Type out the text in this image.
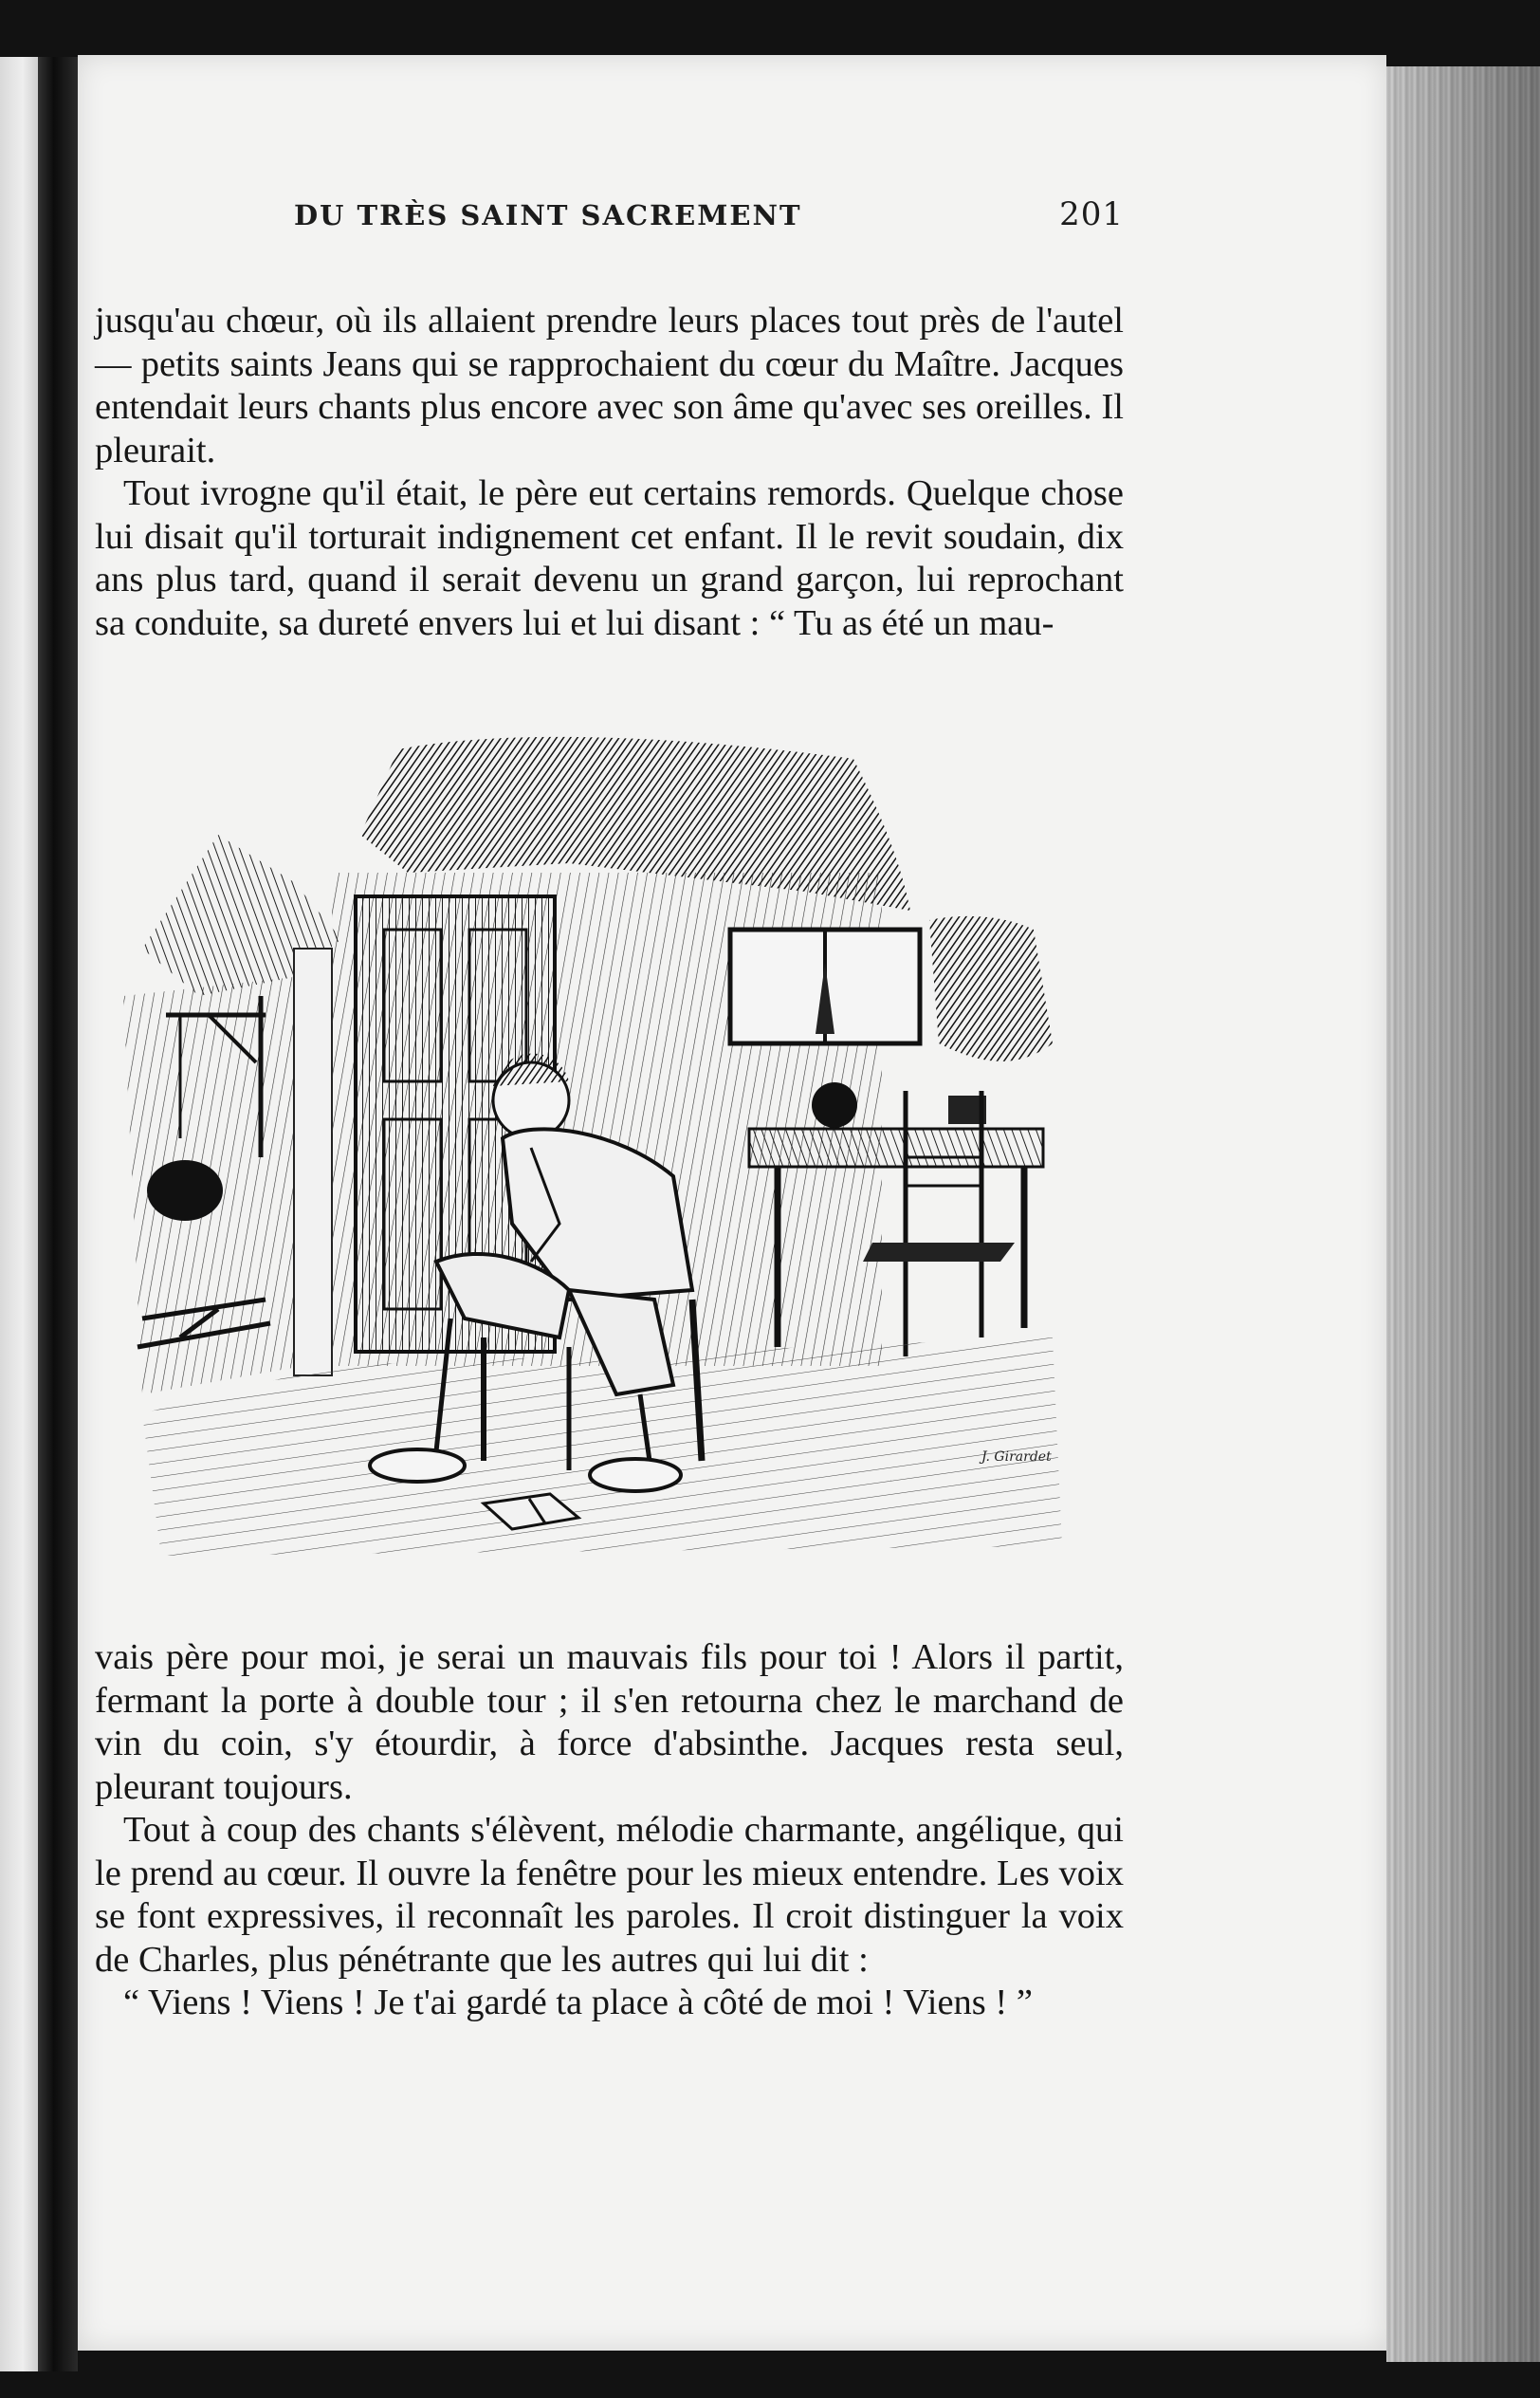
DU TRÈS SAINT SACREMENT	201

jusqu'au chœur, où ils allaient prendre leurs places tout près de l'autel — petits saints Jeans qui se rapprochaient du cœur du Maître. Jacques entendait leurs chants plus encore avec son âme qu'avec ses oreilles. Il pleurait.

Tout ivrogne qu'il était, le père eut certains remords. Quelque chose lui disait qu'il torturait indignement cet enfant. Il le revit soudain, dix ans plus tard, quand il serait devenu un grand garçon, lui reprochant sa conduite, sa dureté envers lui et lui disant : “ Tu as été un mau-

J. Girardet

vais père pour moi, je serai un mauvais fils pour toi ! Alors il partit, fermant la porte à double tour ; il s'en retourna chez le marchand de vin du coin, s'y étourdir, à force d'absinthe. Jacques resta seul, pleurant toujours.

Tout à coup des chants s'élèvent, mélodie charmante, angélique, qui le prend au cœur. Il ouvre la fenêtre pour les mieux entendre. Les voix se font expressives, il reconnaît les paroles. Il croit distinguer la voix de Charles, plus pénétrante que les autres qui lui dit :

“ Viens ! Viens ! Je t'ai gardé ta place à côté de moi ! Viens ! ”
